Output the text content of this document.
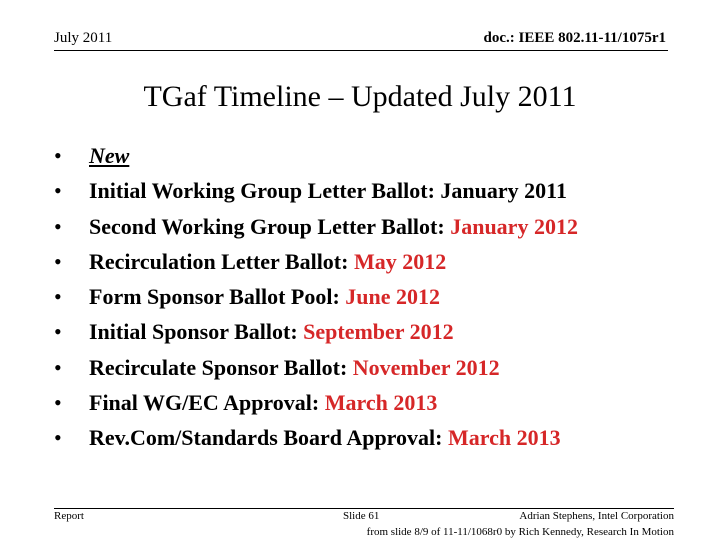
July 2011	doc.: IEEE 802.11-11/1075r1
TGaf Timeline – Updated July 2011
•	New
•	Initial Working Group Letter Ballot: January 2011
•	Second Working Group Letter Ballot: January 2012
•	Recirculation Letter Ballot: May 2012
•	Form Sponsor Ballot Pool: June 2012
•	Initial Sponsor Ballot: September 2012
•	Recirculate Sponsor Ballot: November 2012
•	Final WG/EC Approval: March 2013
•	Rev.Com/Standards Board Approval: March 2013
Report	Slide 61	Adrian Stephens, Intel Corporation
from slide 8/9 of 11-11/1068r0 by Rich Kennedy, Research In Motion
